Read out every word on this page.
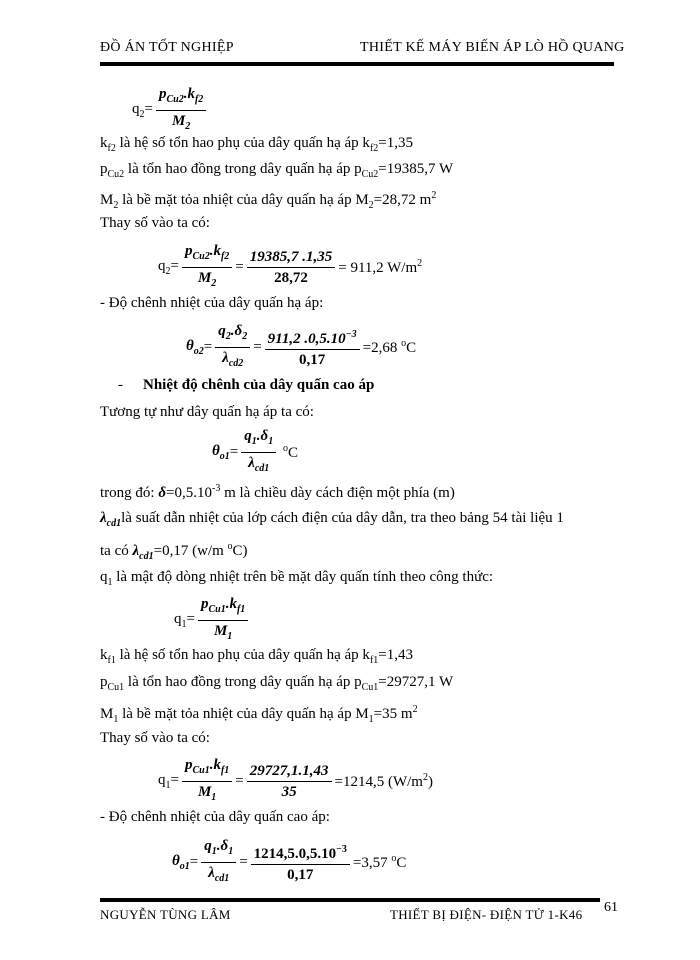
ĐỒ ÁN TỐT NGHIỆP	THIẾT KẾ MÁY BIẾN ÁP LÒ HỒ QUANG
$q_2= \frac{p_{Cu2}.k_{f2}}{M_2}$
$k_{f2}$ là hệ số tổn hao phụ của dây quấn hạ áp $k_{f2}=1,35$
$p_{Cu2}$ là tổn hao đồng trong dây quấn hạ áp $p_{Cu2}=19385,7$ W
$M_2$ là bề mặt tỏa nhiệt của dây quấn hạ áp $M_2=28,72$ $m^2$
Thay số vào ta có:
$q_2= \frac{p_{Cu2}.k_{f2}}{M_2} = \frac{19385,7 .1,35}{28,72} = 911,2$ $W/m^2$
- Độ chênh nhiệt của dây quấn hạ áp:
$\theta_{o2} = \frac{q_2.\delta_2}{\lambda_{cd2}} = \frac{911,2 .0,5.10^{-3}}{0,17} =2,68$ $^o$C
- Nhiệt độ chênh của dây quấn cao áp
Tương tự như dây quấn hạ áp ta có:
$\theta_{o1} = \frac{q_1.\delta_1}{\lambda_{cd1}} ^oC$
trong đó: $\delta=0,5.10^{-3}$ m là chiều dày cách điện một phía (m)
$\lambda_{cd1}là$ suất dẫn nhiệt của lớp cách điện của dây dẫn, tra theo bảng 54 tài liệu 1
ta có $\lambda_{cd1}=0,17$ (w/m $^o$C)
$q_1$ là mật độ dòng nhiệt trên bề mặt dây quấn tính theo công thức:
$q_1= \frac{p_{Cu1}.k_{f1}}{M_1}$
$k_{f1}$ là hệ số tổn hao phụ của dây quấn hạ áp $k_{f1}=1,43$
$p_{Cu1}$ là tổn hao đồng trong dây quấn hạ áp $p_{Cu1}=29727,1$ W
$M_1$ là bề mặt tỏa nhiệt của dây quấn hạ áp $M_1=35$ $m^2$
Thay số vào ta có:
$q_1= \frac{p_{Cu1}.k_{f1}}{M_1} = \frac{29727,1.1,43}{35} =1214,5$ $(W/m^2)$
- Độ chênh nhiệt của dây quấn cao áp:
$\theta_{o1} = \frac{q_1.\delta_1}{\lambda_{cd1}} = \frac{1214,5.0,5.10^{-3}}{0,17} =3,57$ $^o$C
NGUYỄN TÙNG LÂM	THIẾT BỊ ĐIỆN- ĐIỆN TỬ 1-K46 61
